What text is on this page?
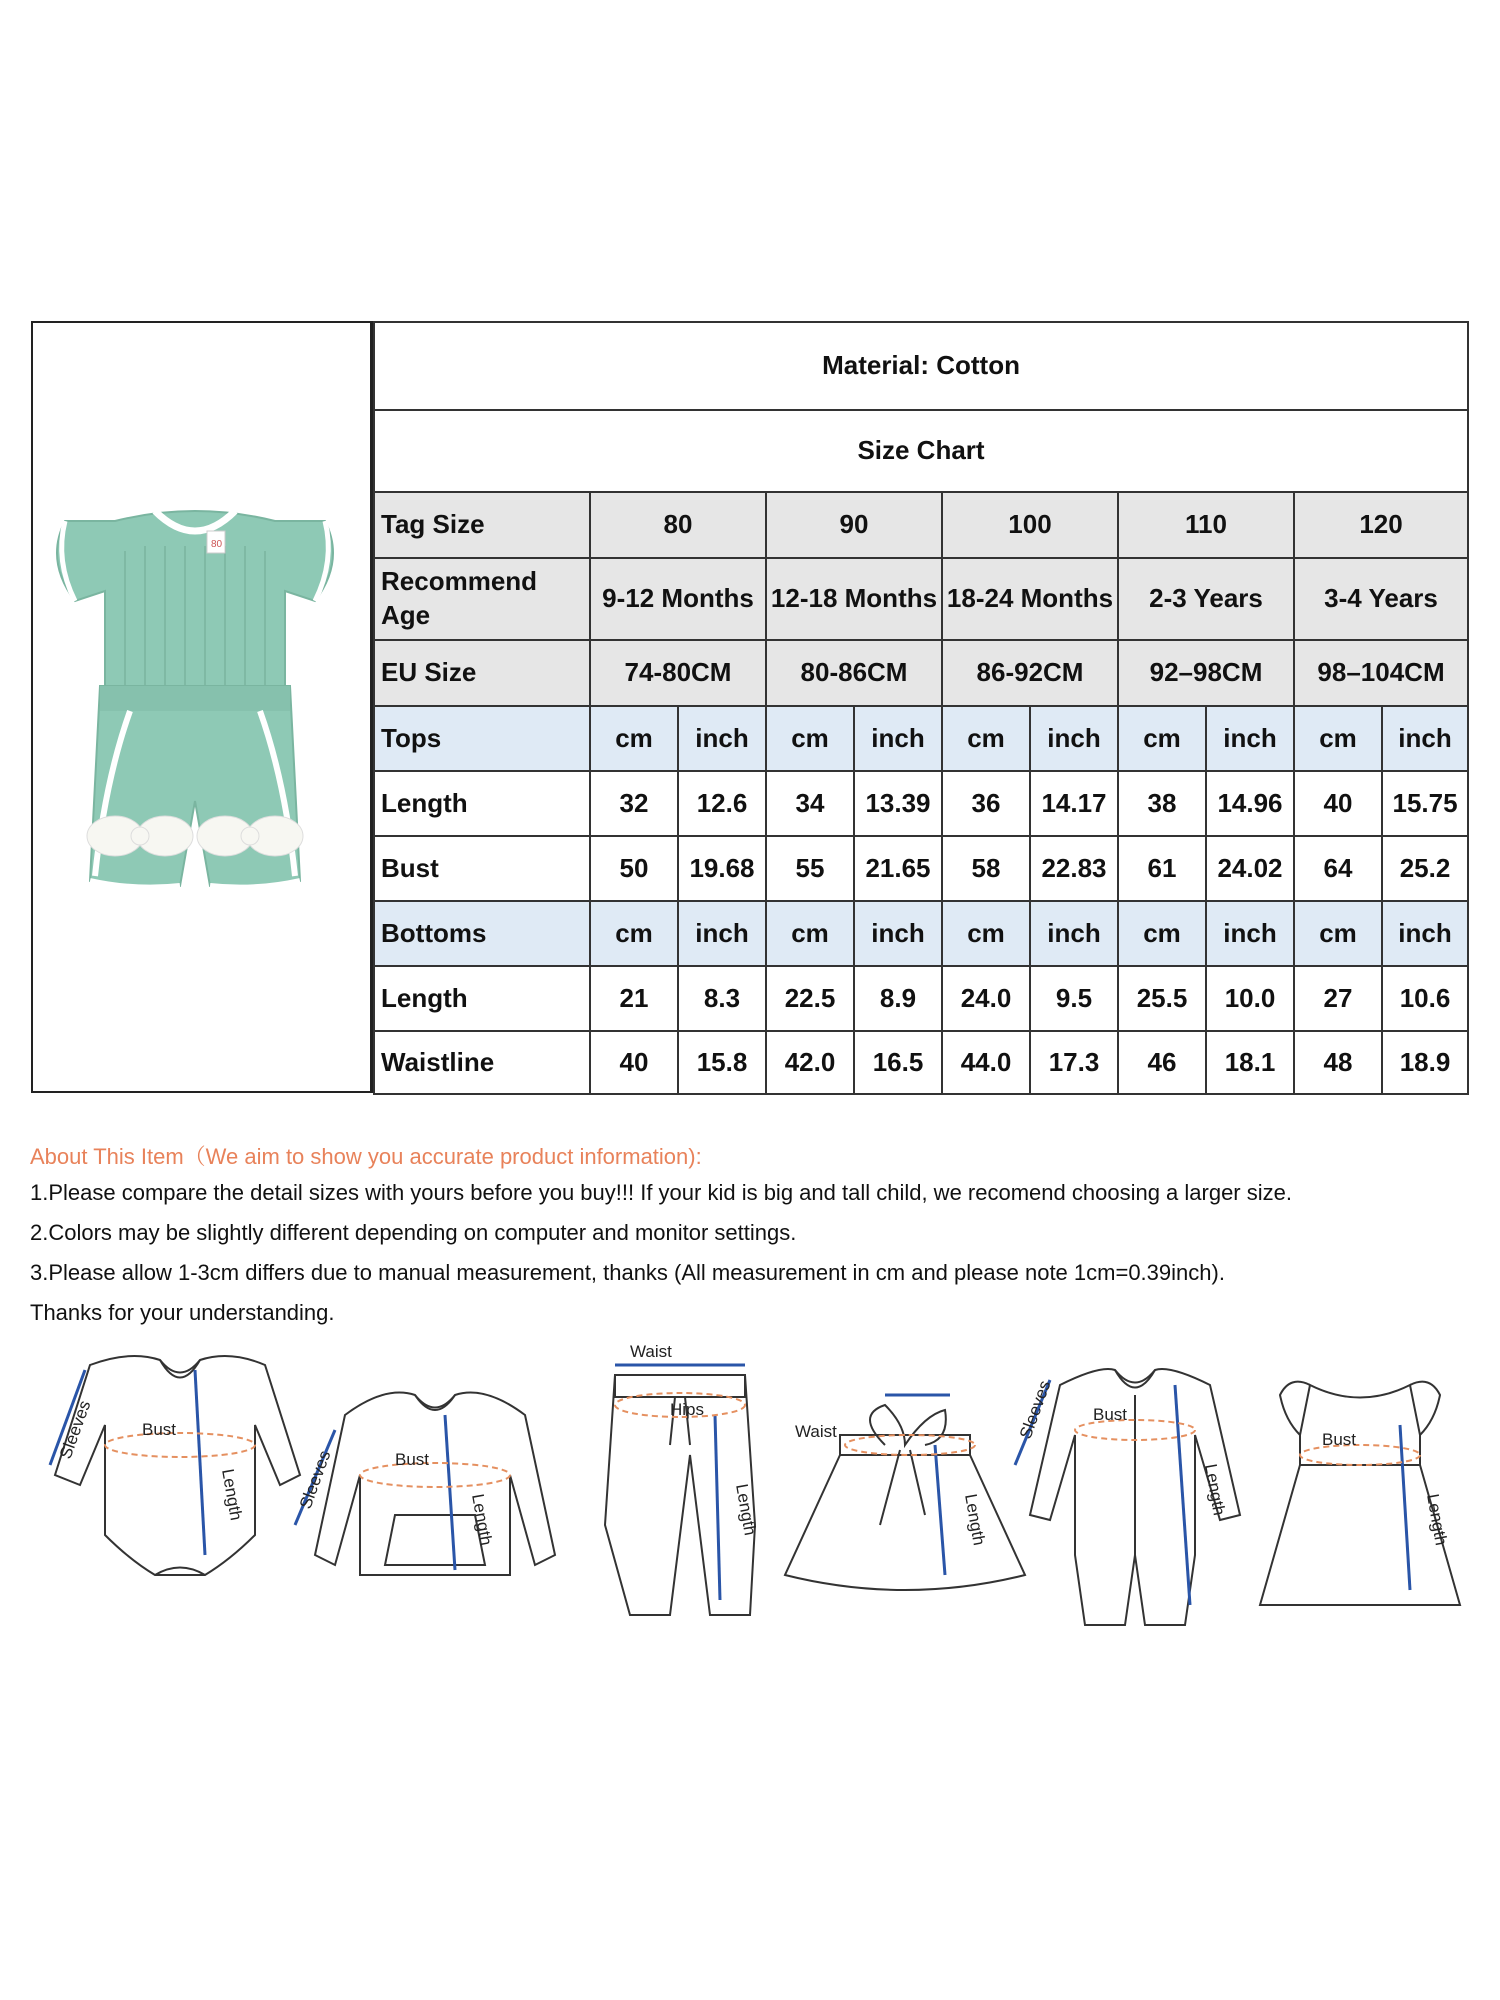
80
Material: Cotton										
Size Chart										
Tag Size	80		90		100		110		120	
Recommend Age	9-12 Months		12-18 Months		18-24 Months		2-3 Years		3-4 Years	
EU Size	74-80CM		80-86CM		86-92CM		92–98CM		98–104CM	
Tops	cm	inch	cm	inch	cm	inch	cm	inch	cm	inch
Length	32	12.6	34	13.39	36	14.17	38	14.96	40	15.75
Bust	50	19.68	55	21.65	58	22.83	61	24.02	64	25.2
Bottoms	cm	inch	cm	inch	cm	inch	cm	inch	cm	inch
Length	21	8.3	22.5	8.9	24.0	9.5	25.5	10.0	27	10.6
Waistline	40	15.8	42.0	16.5	44.0	17.3	46	18.1	48	18.9
About This Item（We aim to show you accurate product information):
1.Please compare the detail sizes with yours before you buy!!! If your kid is big and tall child, we recomend choosing a larger size.
2.Colors may be slightly different depending on computer and monitor settings.
3.Please allow 1-3cm differs due to manual measurement, thanks (All measurement in cm and please note 1cm=0.39inch).
Thanks for your understanding.
Bust
Bust
Bust
Bust
Waist
Waist
Hips
Sleeves
Sleeves
Sleeves
Length	Length	Length	Length
Length
Length
